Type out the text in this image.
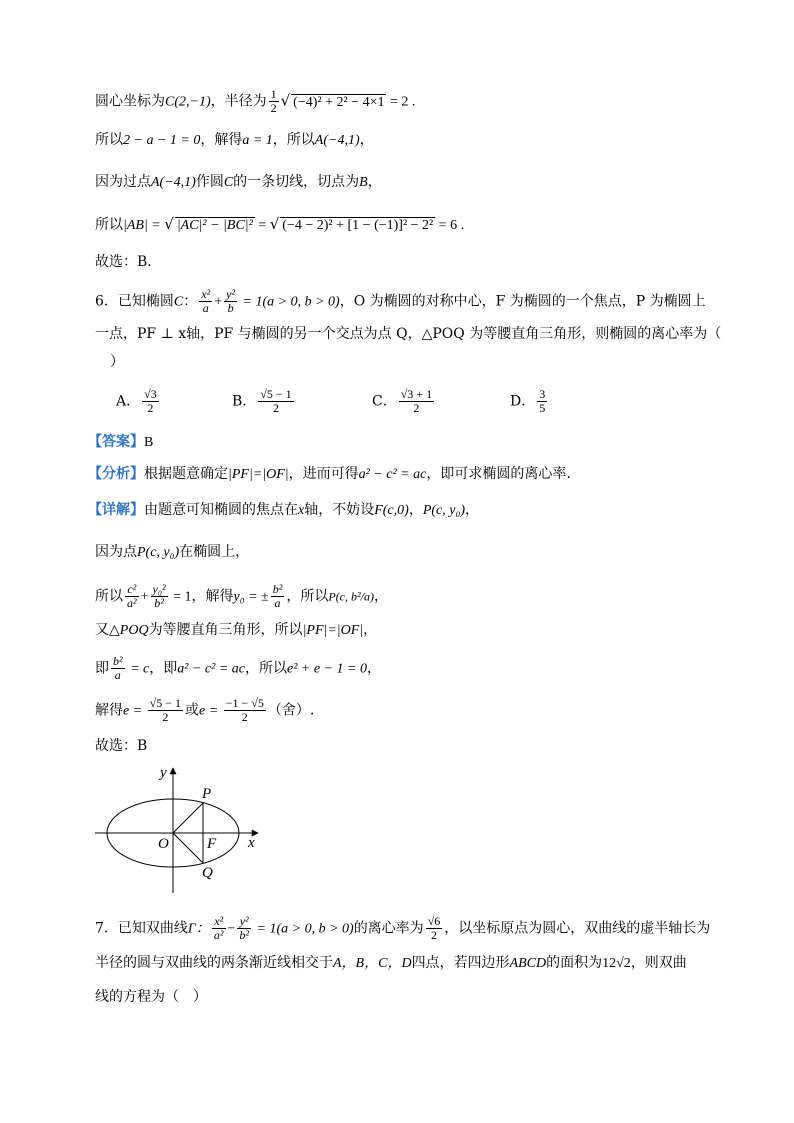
圆心坐标为C(2,−1)，半径为 $\frac{1}{2}$ √ (−4)² + 2² − 4×1 = 2 .
所以2 − a − 1 = 0，解得a = 1，所以A(−4,1)，
因为过点A(−4,1)作圆C的一条切线，切点为B，
所以|AB| = √ |AC|² − |BC|² = √ (−4 − 2)² + [1 − (−1)]² − 2² = 6 .
故选：B.
6．已知椭圆C： $\frac{\text{x²}}{a} + \frac{\text{y²}}{b} = 1(a > 0$, b > 0)，O 为椭圆的对称中心，F 为椭圆的一个焦点，P 为椭圆上
一点，PF ⊥ x轴，PF 与椭圆的另一个交点为点 Q，△POQ 为等腰直角三角形，则椭圆的离心率为（
）
A． $\frac{√3}{2}$	B． $\frac{√5 - 1}{2}$	C． $\frac{√3 + 1}{2}$	D． $\frac{3}{5}$
【答案】B
【分析】根据题意确定|PF|=|OF|，进而可得a² − c² = ac，即可求椭圆的离心率.
【详解】由题意可知椭圆的焦点在x轴，不妨设F(c,0)，P(c, y₀)，
因为点P(c, y₀)在椭圆上，
所以 $\frac{\text{c²}}{\text{a²}} + \frac{\text{y₀²}}{\text{b²}} = 1$，解得y₀ = ± $\frac{\text{b²}}{a}$ ，所以P(c, b²/a)，
又△POQ为等腰直角三角形，所以|PF|=|OF|，
即 $\frac{\text{b²}}{a} = c$，即a² − c² = ac，所以e² + e − 1 = 0，
解得$e = \frac{√5 - 1}{2}$ 或$e = \frac{-1 - √5}{2}$ （舍）.
故选：B
y
x
P
O	F
Q
7．已知双曲线Γ： $\frac{\text{x²}}{\text{a²}} - \frac{\text{y²}}{\text{b²}} = 1(a > 0$, b > 0)的离心率为 $\frac{√6}{2}$ ，以坐标原点为圆心，双曲线的虚半轴长为
半径的圆与双曲线的两条渐近线相交于A，B，C，D四点，若四边形ABCD的面积为12√2，则双曲
线的方程为（　）
